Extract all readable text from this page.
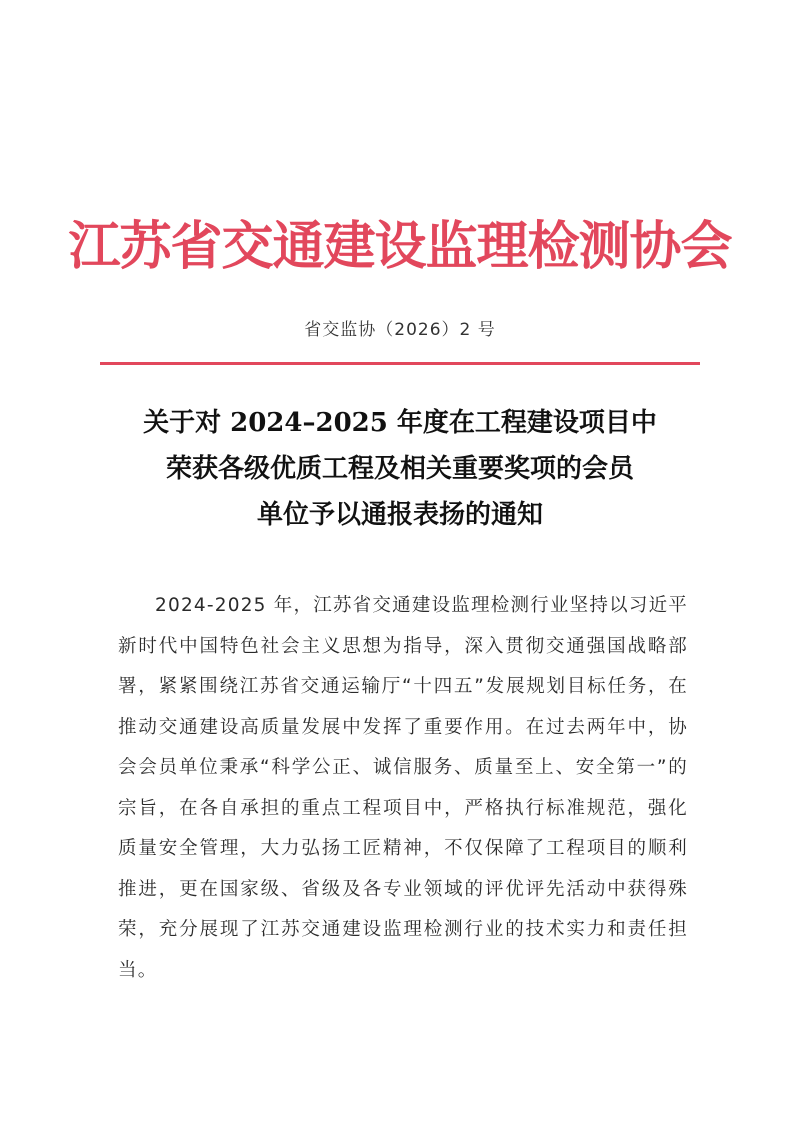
江苏省交通建设监理检测协会
省交监协（2026）2 号
关于对 2024–2025 年度在工程建设项目中
荣获各级优质工程及相关重要奖项的会员
单位予以通报表扬的通知
2024-2025 年，江苏省交通建设监理检测行业坚持以习近平新时代中国特色社会主义思想为指导，深入贯彻交通强国战略部署，紧紧围绕江苏省交通运输厅“十四五”发展规划目标任务，在推动交通建设高质量发展中发挥了重要作用。在过去两年中，协会会员单位秉承“科学公正、诚信服务、质量至上、安全第一”的宗旨，在各自承担的重点工程项目中，严格执行标准规范，强化质量安全管理，大力弘扬工匠精神，不仅保障了工程项目的顺利推进，更在国家级、省级及各专业领域的评优评先活动中获得殊荣，充分展现了江苏交通建设监理检测行业的技术实力和责任担当。
